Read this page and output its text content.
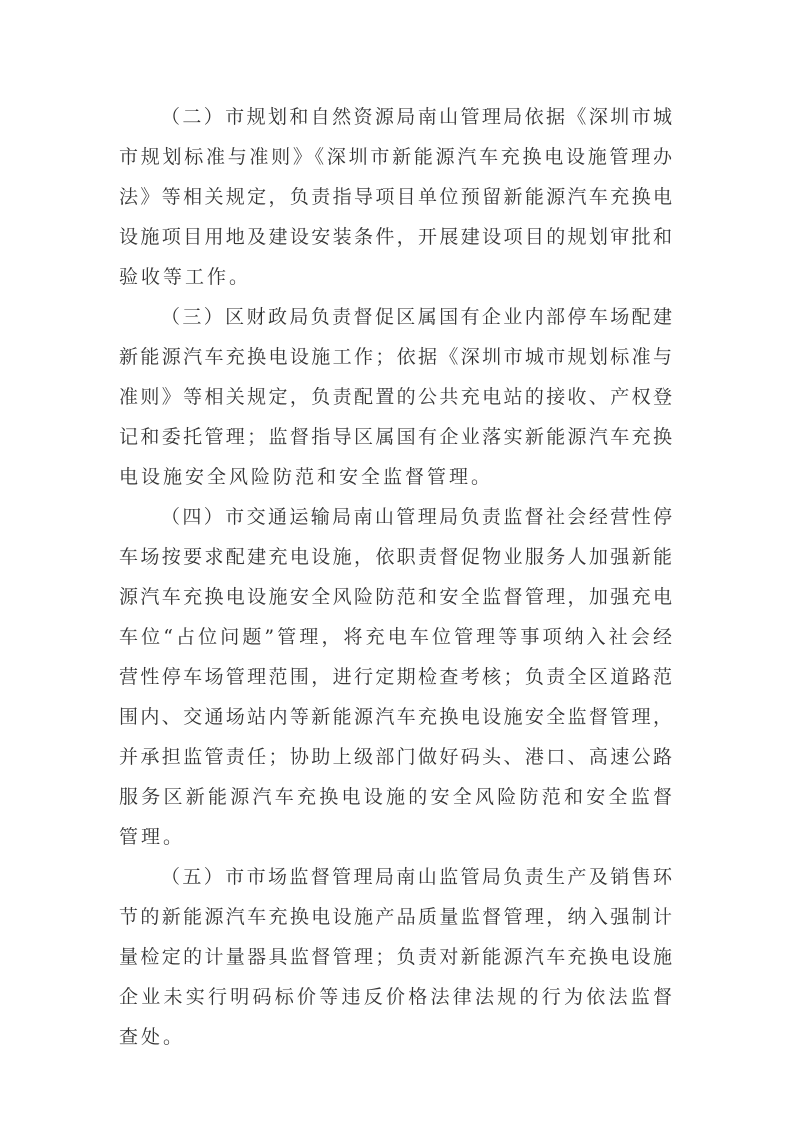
（二）市规划和自然资源局南山管理局依据《深圳市城
市规划标准与准则》《深圳市新能源汽车充换电设施管理办
法》等相关规定，负责指导项目单位预留新能源汽车充换电
设施项目用地及建设安装条件，开展建设项目的规划审批和
验收等工作。
（三）区财政局负责督促区属国有企业内部停车场配建
新能源汽车充换电设施工作；依据《深圳市城市规划标准与
准则》等相关规定，负责配置的公共充电站的接收、产权登
记和委托管理；监督指导区属国有企业落实新能源汽车充换
电设施安全风险防范和安全监督管理。
（四）市交通运输局南山管理局负责监督社会经营性停
车场按要求配建充电设施，依职责督促物业服务人加强新能
源汽车充换电设施安全风险防范和安全监督管理，加强充电
车位“占位问题”管理，将充电车位管理等事项纳入社会经
营性停车场管理范围，进行定期检查考核；负责全区道路范
围内、交通场站内等新能源汽车充换电设施安全监督管理，
并承担监管责任；协助上级部门做好码头、港口、高速公路
服务区新能源汽车充换电设施的安全风险防范和安全监督
管理。
（五）市市场监督管理局南山监管局负责生产及销售环
节的新能源汽车充换电设施产品质量监督管理，纳入强制计
量检定的计量器具监督管理；负责对新能源汽车充换电设施
企业未实行明码标价等违反价格法律法规的行为依法监督
查处。
